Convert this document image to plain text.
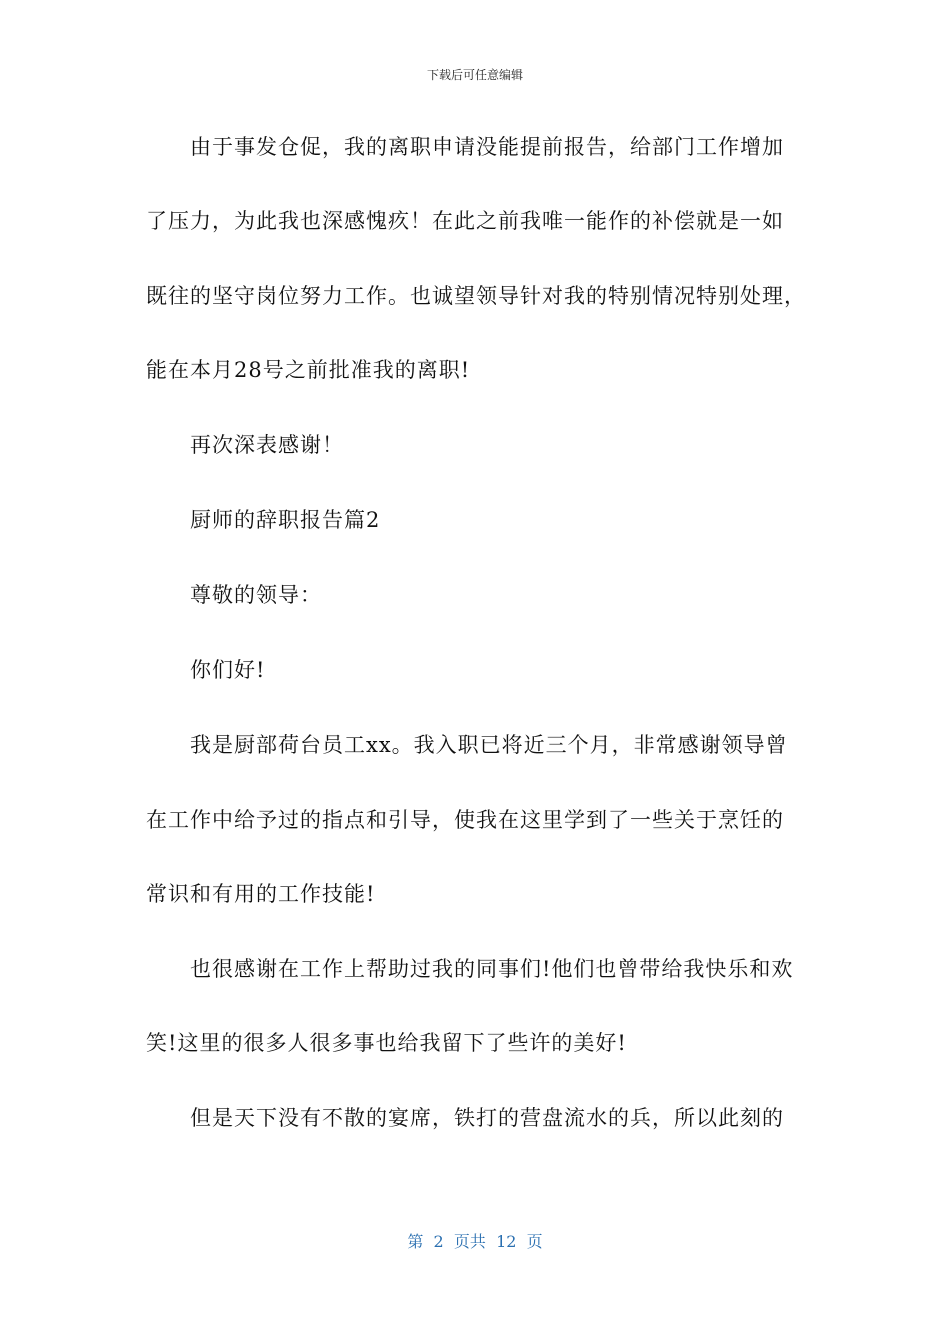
下载后可任意编辑
由于事发仓促，我的离职申请没能提前报告，给部门工作增加
了压力，为此我也深感愧疚！在此之前我唯一能作的补偿就是一如
既往的坚守岗位努力工作。也诚望领导针对我的特别情况特别处理，
能在本月28号之前批准我的离职!
再次深表感谢！
厨师的辞职报告篇2
尊敬的领导：
你们好!
我是厨部荷台员工xx。我入职已将近三个月，非常感谢领导曾
在工作中给予过的指点和引导，使我在这里学到了一些关于烹饪的
常识和有用的工作技能!
也很感谢在工作上帮助过我的同事们!他们也曾带给我快乐和欢
笑!这里的很多人很多事也给我留下了些许的美好!
但是天下没有不散的宴席，铁打的营盘流水的兵，所以此刻的
第  2  页共  12  页
